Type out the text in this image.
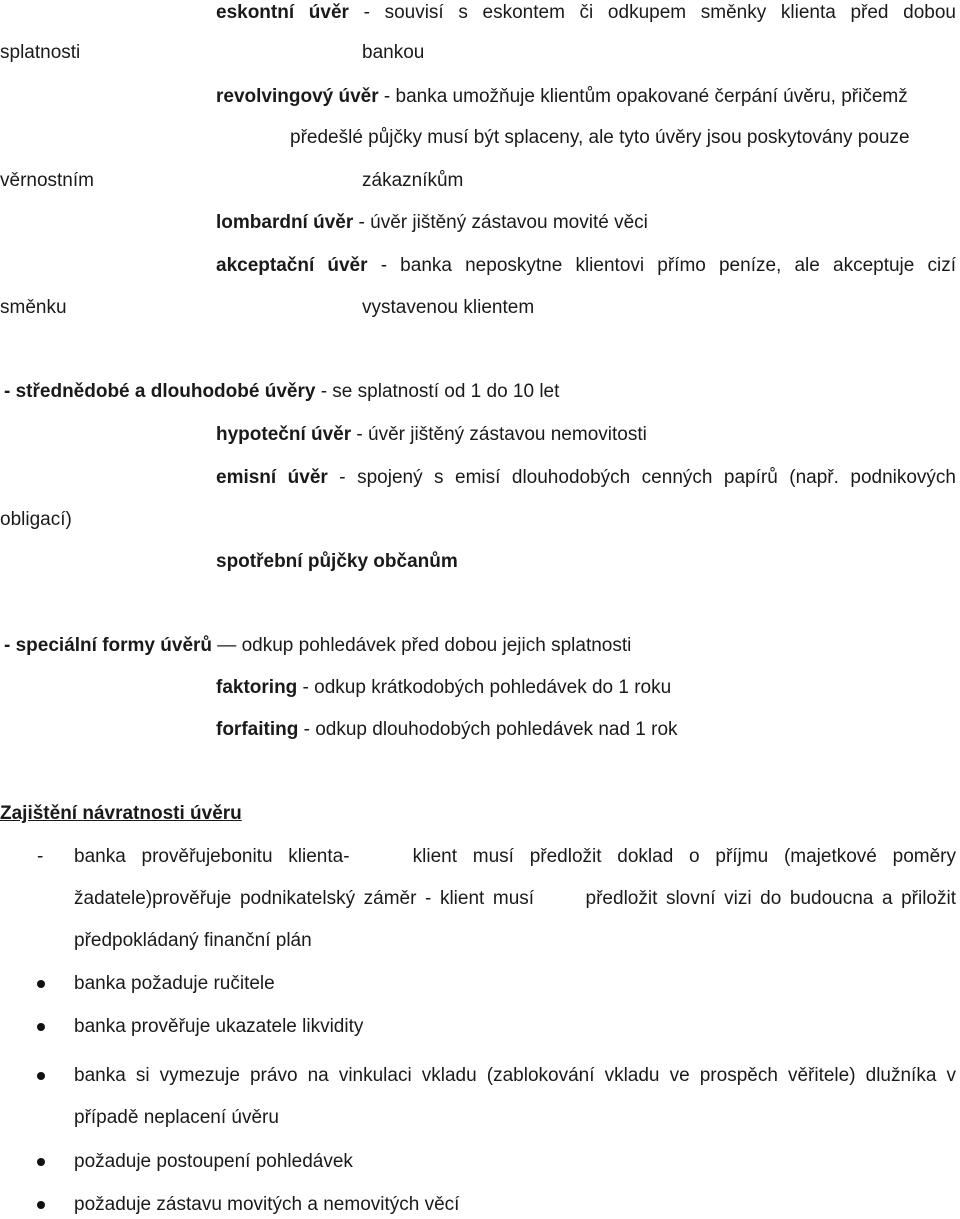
eskontní úvěr - souvisí s eskontem či odkupem směnky klienta před dobou
splatnosti	bankou
revolvingový úvěr - banka umožňuje klientům opakované čerpání úvěru, přičemž
předešlé půjčky musí být splaceny, ale tyto úvěry jsou poskytovány pouze
věrnostním	zákazníkům
lombardní úvěr - úvěr jištěný zástavou movité věci
akceptační úvěr - banka neposkytne klientovi přímo peníze, ale akceptuje cizí
směnku	vystavenou klientem
- střednědobé a dlouhodobé úvěry - se splatností od 1 do 10 let
hypoteční úvěr - úvěr jištěný zástavou nemovitosti
emisní úvěr - spojený s emisí dlouhodobých cenných papírů (např. podnikových
obligací)
spotřební půjčky občanům
- speciální formy úvěrů — odkup pohledávek před dobou jejich splatnosti
faktoring - odkup krátkodobých pohledávek do 1 roku
forfaiting - odkup dlouhodobých pohledávek nad 1 rok
Zajištění návratnosti úvěru
- banka prověřujebonitu klienta-    klient musí předložit doklad o příjmu (majetkové poměry
žadatele)prověřuje podnikatelský záměr - klient musí      předložit slovní vizi do budoucna a přiložit
předpokládaný finanční plán
banka požaduje ručitele
banka prověřuje ukazatele likvidity
banka si vymezuje právo na vinkulaci vkladu (zablokování vkladu ve prospěch věřitele) dlužníka v
případě neplacení úvěru
požaduje postoupení pohledávek
požaduje zástavu movitých a nemovitých věcí
